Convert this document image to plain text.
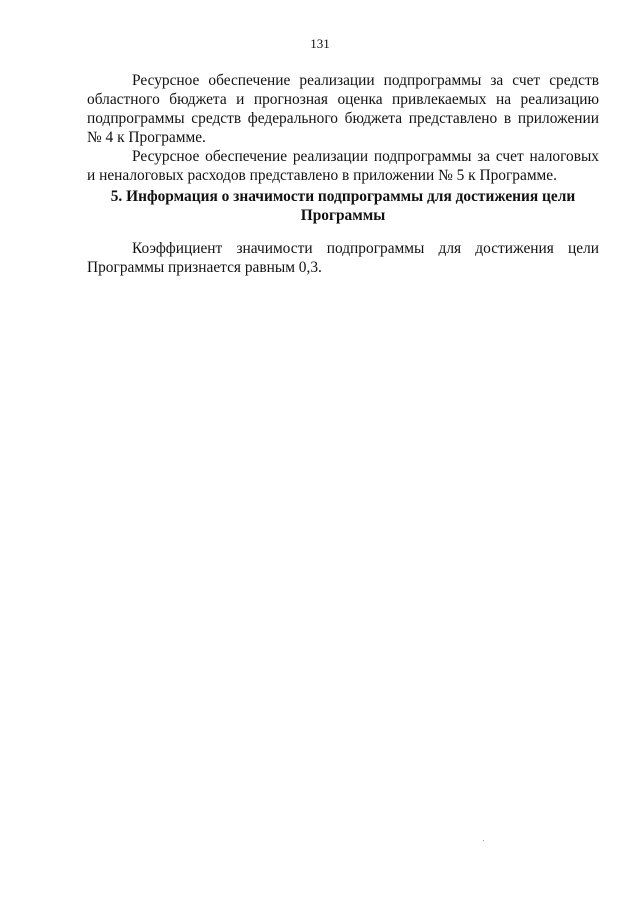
131

Ресурсное обеспечение реализации подпрограммы за счет средств областного бюджета и прогнозная оценка привлекаемых на реализацию подпрограммы средств федерального бюджета представлено в приложении № 4 к Программе.

Ресурсное обеспечение реализации подпрограммы за счет налоговых и неналоговых расходов представлено в приложении № 5 к Программе.

5. Информация о значимости подпрограммы для достижения цели
Программы

Коэффициент значимости подпрограммы для достижения цели Программы признается равным 0,3.
